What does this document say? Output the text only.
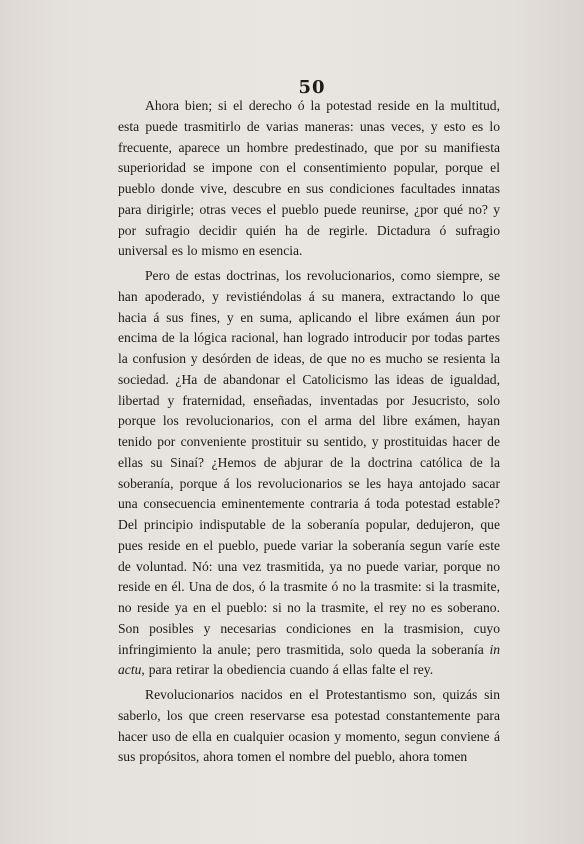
50

Ahora bien; si el derecho ó la potestad reside en la multitud, esta puede trasmitirlo de varias maneras: unas veces, y esto es lo frecuente, aparece un hombre predestinado, que por su manifiesta superioridad se impone con el consentimiento popular, porque el pueblo donde vive, descubre en sus condiciones facultades innatas para dirigirle; otras veces el pueblo puede reunirse, ¿por qué no? y por sufragio decidir quién ha de regirle. Dictadura ó sufragio universal es lo mismo en esencia.

Pero de estas doctrinas, los revolucionarios, como siempre, se han apoderado, y revistiéndolas á su manera, extractando lo que hacia á sus fines, y en suma, aplicando el libre exámen áun por encima de la lógica racional, han logrado introducir por todas partes la confusion y desórden de ideas, de que no es mucho se resienta la sociedad. ¿Ha de abandonar el Catolicismo las ideas de igualdad, libertad y fraternidad, enseñadas, inventadas por Jesucristo, solo porque los revolucionarios, con el arma del libre exámen, hayan tenido por conveniente prostituir su sentido, y prostituidas hacer de ellas su Sinaí? ¿Hemos de abjurar de la doctrina católica de la soberanía, porque á los revolucionarios se les haya antojado sacar una consecuencia eminentemente contraria á toda potestad estable? Del principio indisputable de la soberanía popular, dedujeron, que pues reside en el pueblo, puede variar la soberanía segun varíe este de voluntad. Nó: una vez trasmitida, ya no puede variar, porque no reside en él. Una de dos, ó la trasmite ó no la trasmite: si la trasmite, no reside ya en el pueblo: si no la trasmite, el rey no es soberano. Son posibles y necesarias condiciones en la trasmision, cuyo infringimiento la anule; pero trasmitida, solo queda la soberanía in actu, para retirar la obediencia cuando á ellas falte el rey.

Revolucionarios nacidos en el Protestantismo son, quizás sin saberlo, los que creen reservarse esa potestad constantemente para hacer uso de ella en cualquier ocasion y momento, segun conviene á sus propósitos, ahora tomen el nombre del pueblo, ahora tomen
